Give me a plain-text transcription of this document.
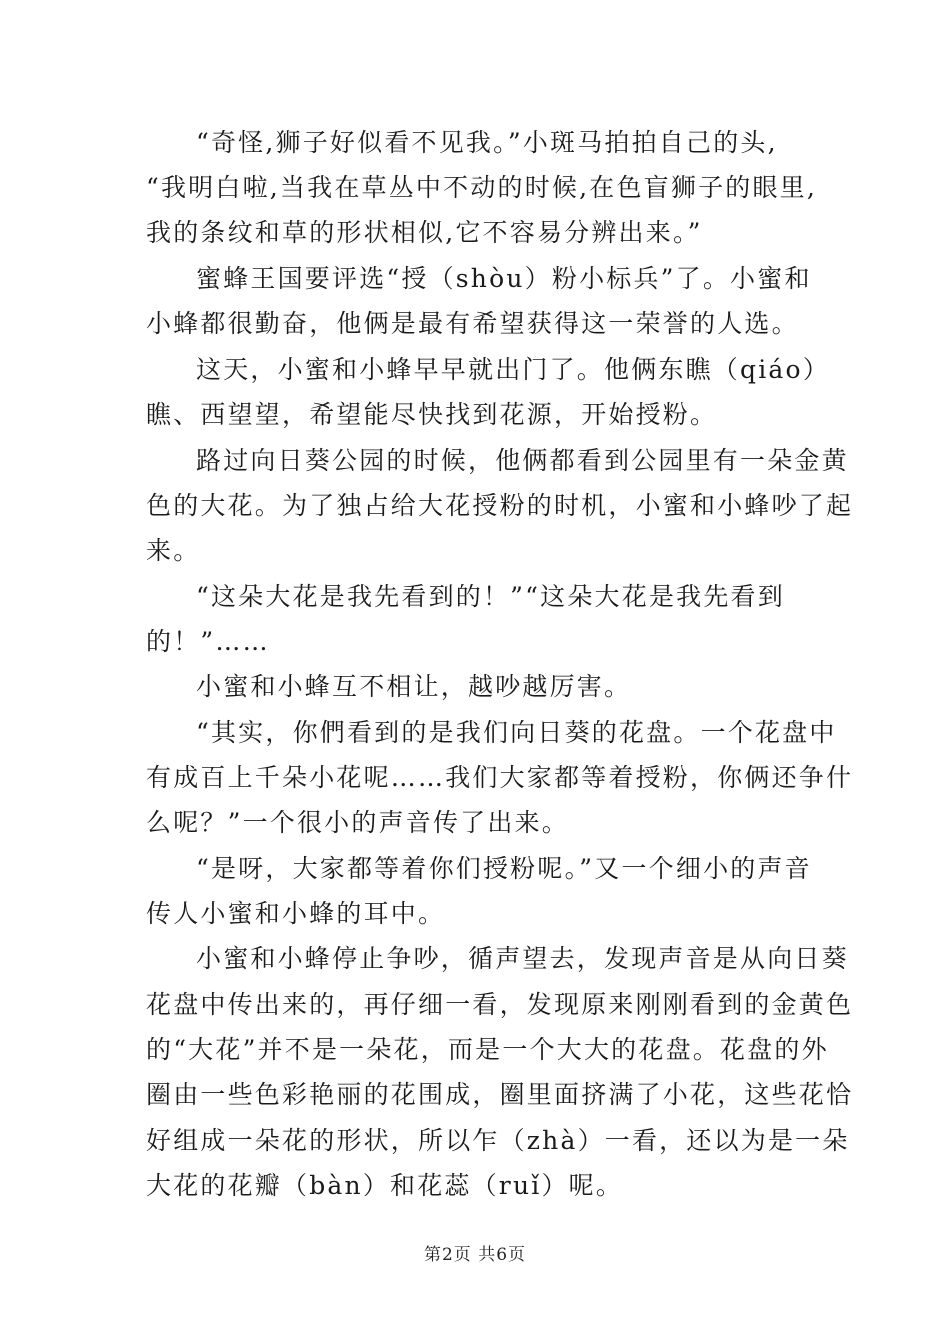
“奇怪,狮子好似看不见我。”小斑马拍拍自己的头,
“我明白啦,当我在草丛中不动的时候,在色盲狮子的眼里,
我的条纹和草的形状相似,它不容易分辨出来。”
蜜蜂王国要评选“授（shòu）粉小标兵”了。小蜜和
小蜂都很勤奋，他俩是最有希望获得这一荣誉的人选。
这天，小蜜和小蜂早早就出门了。他俩东瞧（qiáo）
瞧、西望望，希望能尽快找到花源，开始授粉。
路过向日葵公园的时候，他俩都看到公园里有一朵金黄
色的大花。为了独占给大花授粉的时机，小蜜和小蜂吵了起
来。
“这朵大花是我先看到的！”“这朵大花是我先看到
的！”……
小蜜和小蜂互不相让，越吵越厉害。
“其实，你們看到的是我们向日葵的花盘。一个花盘中
有成百上千朵小花呢……我们大家都等着授粉，你俩还争什
么呢？”一个很小的声音传了出来。
“是呀，大家都等着你们授粉呢。”又一个细小的声音
传人小蜜和小蜂的耳中。
小蜜和小蜂停止争吵，循声望去，发现声音是从向日葵
花盘中传出来的，再仔细一看，发现原来刚刚看到的金黄色
的“大花”并不是一朵花，而是一个大大的花盘。花盘的外
圈由一些色彩艳丽的花围成，圈里面挤满了小花，这些花恰
好组成一朵花的形状，所以乍（zhà）一看，还以为是一朵
大花的花瓣（bàn）和花蕊（ruǐ）呢。
第2页 共6页
